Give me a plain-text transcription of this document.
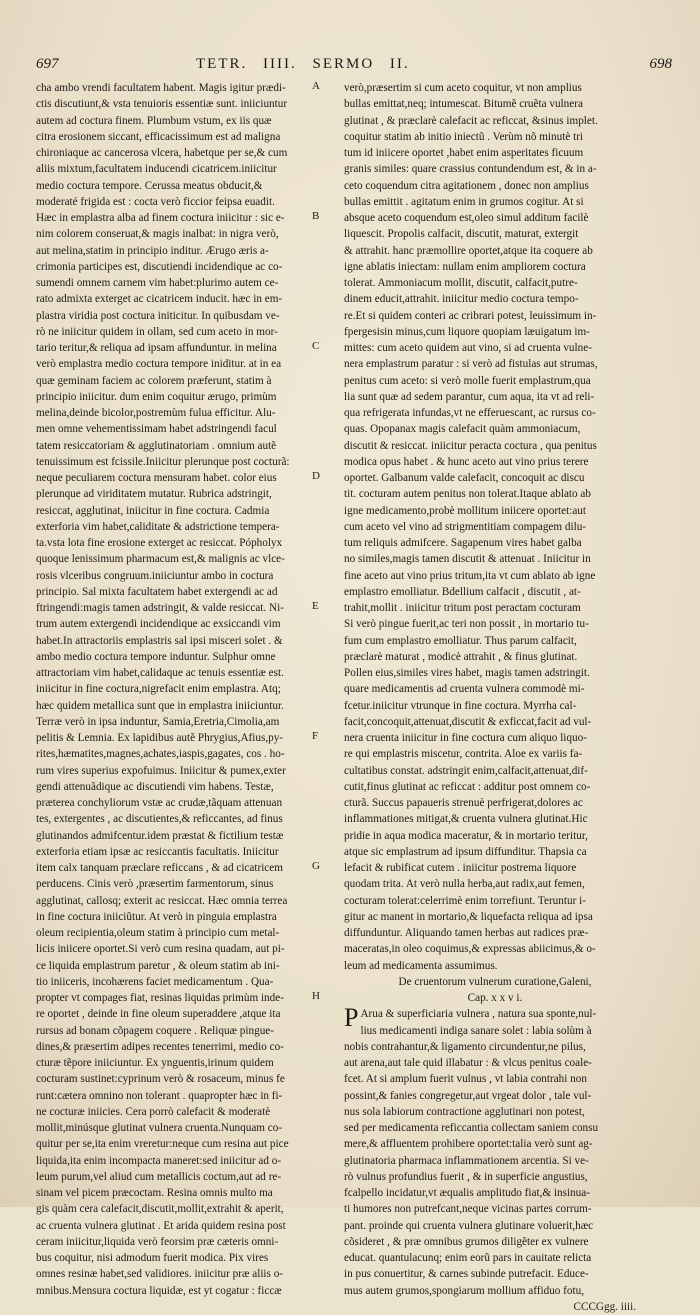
697	TETR. IIII. SERMO II.	698

cha ambo vrendi facultatem habent. Magis igitur prædi-

ctis discutiunt,& vsta tenuioris essentiæ sunt. iniiciuntur

autem ad coctura finem. Plumbum vstum, ex iis quæ

citra erosionem siccant, efficacissimum est ad maligna

chironiaque ac cancerosa vlcera, habetque per se,& cum

aliis mixtum,facultatem inducendi cicatricem.iniicitur

medio coctura tempore. Cerussa meatus obducit,&

moderaté frigida est : cocta verò ficcior feipsa euadit.

Hæc in emplastra alba ad finem coctura iniicitur : sic e-

nim colorem conseruat,& magis inalbat: in nigra verò,

aut melina,statim in principio inditur. Ærugo æris a-

crimonia participes est, discutiendi incidendique ac co-

sumendi omnem carnem vim habet:plurimo autem ce-

rato admixta exterget ac cicatricem inducit. hæc in em-

plastra viridia post coctura initicitur. In quibusdam ve-

rò ne iniicitur quidem in ollam, sed cum aceto in mor-

tario teritur,& reliqua ad ipsam affunduntur. in melina

verò emplastra medio coctura tempore iniditur. at in ea

quæ geminam faciem ac colorem præferunt, statim à

principio iniicitur. dum enim coquitur ærugo, primùm

melina,deinde bicolor,postremùm fulua efficitur. Alu-

men omne vehementissimam habet adstringendi facul

tatem resiccatoriam & agglutinatoriam . omnium autẽ

tenuissimum est fcissile.Iniicitur plerunque post cocturã:

neque peculiarem coctura mensuram habet. color eius

plerunque ad viriditatem mutatur. Rubrica adstringit,

resiccat, agglutinat, iniicitur in fine coctura. Cadmia

exterforia vim habet,caliditate & adstrictione tempera-

ta.vsta lota fine erosione exterget ac resiccat. Pópholyx

quoque lenissimum pharmacum est,& malignis ac vlce-

rosis vlceribus congruum.iniiciuntur ambo in coctura

principio. Sal mixta facultatem habet extergendi ac ad

ftringendi:magis tamen adstringit, & valde resiccat. Ni-

trum autem extergendi incidendique ac exsiccandi vim

habet.In attractoriis emplastris sal ipsi misceri solet . &

ambo medio coctura tempore induntur. Sulphur omne

attractoriam vim habet,calidaque ac tenuis essentiæ est.

iniicitur in fine coctura,nigrefacit enim emplastra. Atq;

hæc quidem metallica sunt que in emplastra iniiciuntur.

Terræ verò in ipsa induntur, Samia,Eretria,Cimolia,am

pelitis & Lemnia. Ex lapidibus autẽ Phrygius,Afius,py-

rites,hæmatites,magnes,achates,iaspis,gagates, cos . ho-

rum vires superius expofuimus. Iniicitur & pumex,exter

gendi attenuãdique ac discutiendi vim habens. Testæ,

præterea conchyliorum vstæ ac crudæ,tãquam attenuan

tes, extergentes , ac discutientes,& reficcantes, ad finus

glutinandos admifcentur.idem præstat & fictilium testæ

exterforia etiam ipsæ ac resiccantis facultatis. Iniicitur

item calx tanquam præclare reficcans , & ad cicatricem

perducens. Cinis verò ,præsertim farmentorum, sinus

agglutinat, callosq; exterit ac resiccat. Hæc omnia terrea

in fine coctura iniiciũtur. At verò in pinguia emplastra

oleum recipientia,oleum statim à principio cum metal-

licis iniicere oportet.Si verò cum resina quadam, aut pi-

ce liquida emplastrum paretur , & oleum statim ab ini-

tio iniiceris, incohærens faciet medicamentum . Qua-

propter vt compages fiat, resinas liquidas primùm inde-

re oportet , deinde in fine oleum superaddere ,atque ita

rursus ad bonam cõpagem coquere . Reliquæ pingue-

dines,& præsertim adipes recentes tenerrimi, medio co-

cturæ tẽpore iniiciuntur. Ex ynguentis,irinum quidem

cocturam sustinet:cyprinum verò & rosaceum, minus fe

runt:cætera omnino non tolerant . quapropter hæc in fi-

ne cocturæ iniicies. Cera porrò calefacit & moderatè

mollit,minúsque glutinat vulnera cruenta.Nunquam co-

quitur per se,ita enim vreretur:neque cum resina aut pice

liquida,ita enim incompacta maneret:sed iniicitur ad o-

leum purum,vel aliud cum metallicis coctum,aut ad re-

sinam vel picem præcoctam. Resina omnis multo ma

gis quàm cera calefacit,discutit,mollit,extrahit & aperit,

ac cruenta vulnera glutinat . Et arida quidem resina post

ceram iniicitur,liquida verò feorsim præ cæteris omni-

bus coquitur, nisi admodum fuerit modica. Pix vires

omnes resinæ habet,sed validiores. iniicitur præ aliis o-

mnibus.Mensura coctura liquidæ, est yt cogatur : ficcæ

A
B
C
D
E
F
G
H

verò,præsertim si cum aceto coquitur, vt non amplius

bullas emittat,neq; intumescat. Bitumẽ cruẽta vulnera

glutinat , & præclarè calefacit ac reficcat, &sinus implet.

coquitur statim ab initio iniectũ . Verùm nõ minutè tri

tum id iniicere oportet ,habet enim asperitates ficuum

granis similes: quare crassius contundendum est, & in a-

ceto coquendum citra agitationem , donec non amplius

bullas emittit . agitatum enim in grumos cogitur. At si

absque aceto coquendum est,oleo simul additum facilè

liquescit. Propolis calfacit, discutit, maturat, extergit

& attrahit. hanc præmollire oportet,atque ita coquere ab

igne ablatis iniectam: nullam enim ampliorem coctura

tolerat. Ammoniacum mollit, discutit, calfacit,putre-

dinem educit,attrahit. iniicitur medio coctura tempo-

re.Et si quidem conteri ac cribrari potest, leuissimum in-

fpergesisin minus,cum liquore quopiam læuigatum im-

mittes: cum aceto quidem aut vino, si ad cruenta vulne-

nera emplastrum paratur : si verò ad fistulas aut strumas,

penitus cum aceto: si verò molle fuerit emplastrum,qua

lia sunt quæ ad sedem parantur, cum aqua, ita vt ad reli-

qua refrigerata infundas,vt ne efferuescant, ac rursus co-

quas. Opopanax magis calefacit quàm ammoniacum,

discutit & resiccat. iniicitur peracta coctura , qua penitus

modica opus habet . & hunc aceto aut vino prius terere

oportet. Galbanum valde calefacit, concoquit ac discu

tit. cocturam autem penitus non tolerat.Itaque ablato ab

igne medicamento,probè mollitum iniicere oportet:aut

cum aceto vel vino ad strigmentitiam compagem dilu-

tum reliquis admifcere. Sagapenum vires habet galba

no similes,magis tamen discutit & attenuat . Iniicitur in

fine aceto aut vino prius tritum,ita vt cum ablato ab igne

emplastro emolliatur. Bdellium calfacit , discutit , at-

trahit,mollit . iniicitur tritum post peractam cocturam

Si verò pingue fuerit,ac teri non possit , in mortario tu-

fum cum emplastro emolliatur. Thus parum calfacit,

præclarè maturat , modicè attrahit , & finus glutinat.

Pollen eius,similes vires habet, magis tamen adstringit.

quare medicamentis ad cruenta vulnera commodè mi-

fcetur.iniicitur vtrunque in fine coctura. Myrrha cal-

facit,concoquit,attenuat,discutit & exficcat,facit ad vul-

nera cruenta iniicitur in fine coctura cum aliquo liquo-

re qui emplastris miscetur, contrita. Aloe ex variis fa-

cultatibus constat. adstringit enim,calfacit,attenuat,dif-

cutit,finus glutinat ac reficcat : additur post omnem co-

cturã. Succus papaueris strenuè perfrigerat,dolores ac

inflammationes mitigat,& cruenta vulnera glutinat.Hic

pridie in aqua modica maceratur, & in mortario teritur,

atque sic emplastrum ad ipsum diffunditur. Thapsia ca

lefacit & rubificat cutem . iniicitur postrema liquore

quodam trita. At verò nulla herba,aut radix,aut femen,

cocturam tolerat:celerrimè enim torrefiunt. Teruntur i-

gitur ac manent in mortario,& liquefacta reliqua ad ipsa

diffunduntur. Aliquando tamen herbas aut radices præ-

maceratas,in oleo coquimus,& expressas abiicimus,& o-

leum ad medicamenta assumimus.

De cruentorum vulnerum curatione,Galeni,

Cap. x x v i.

P Arua & superficiaria vulnera , natura sua sponte,nul-

lius medicamenti indiga sanare solet : labia solùm à

nobis contrahantur,& ligamento circundentur,ne pilus,

aut arena,aut tale quid illabatur : & vlcus penitus coale-

fcet. At si amplum fuerit vulnus , vt labia contrahi non

possint,& fanies congregetur,aut vrgeat dolor , tale vul-

nus sola labiorum contractione agglutinari non potest,

sed per medicamenta reficcantia collectam saniem consu

mere,& affluentem prohibere oportet:talia verò sunt ag-

glutinatoria pharmaca inflammationem arcentia. Si ve-

rò vulnus profundius fuerit , & in superficie angustius,

fcalpello incidatur,vt æqualis amplitudo fiat,& insinua-

ti humores non putrefcant,neque vicinas partes corrum-

pant. proinde qui cruenta vulnera glutinare voluerit,hæc

cõsideret , & præ omnibus grumos diligẽter ex vulnere

educat. quantulacunq; enim eorũ pars in cauitate relicta

in pus conuertitur, & carnes subinde putrefacit. Educe-

mus autem grumos,spongiarum mollium affiduo fotu,

CCCGgg. iiii.
